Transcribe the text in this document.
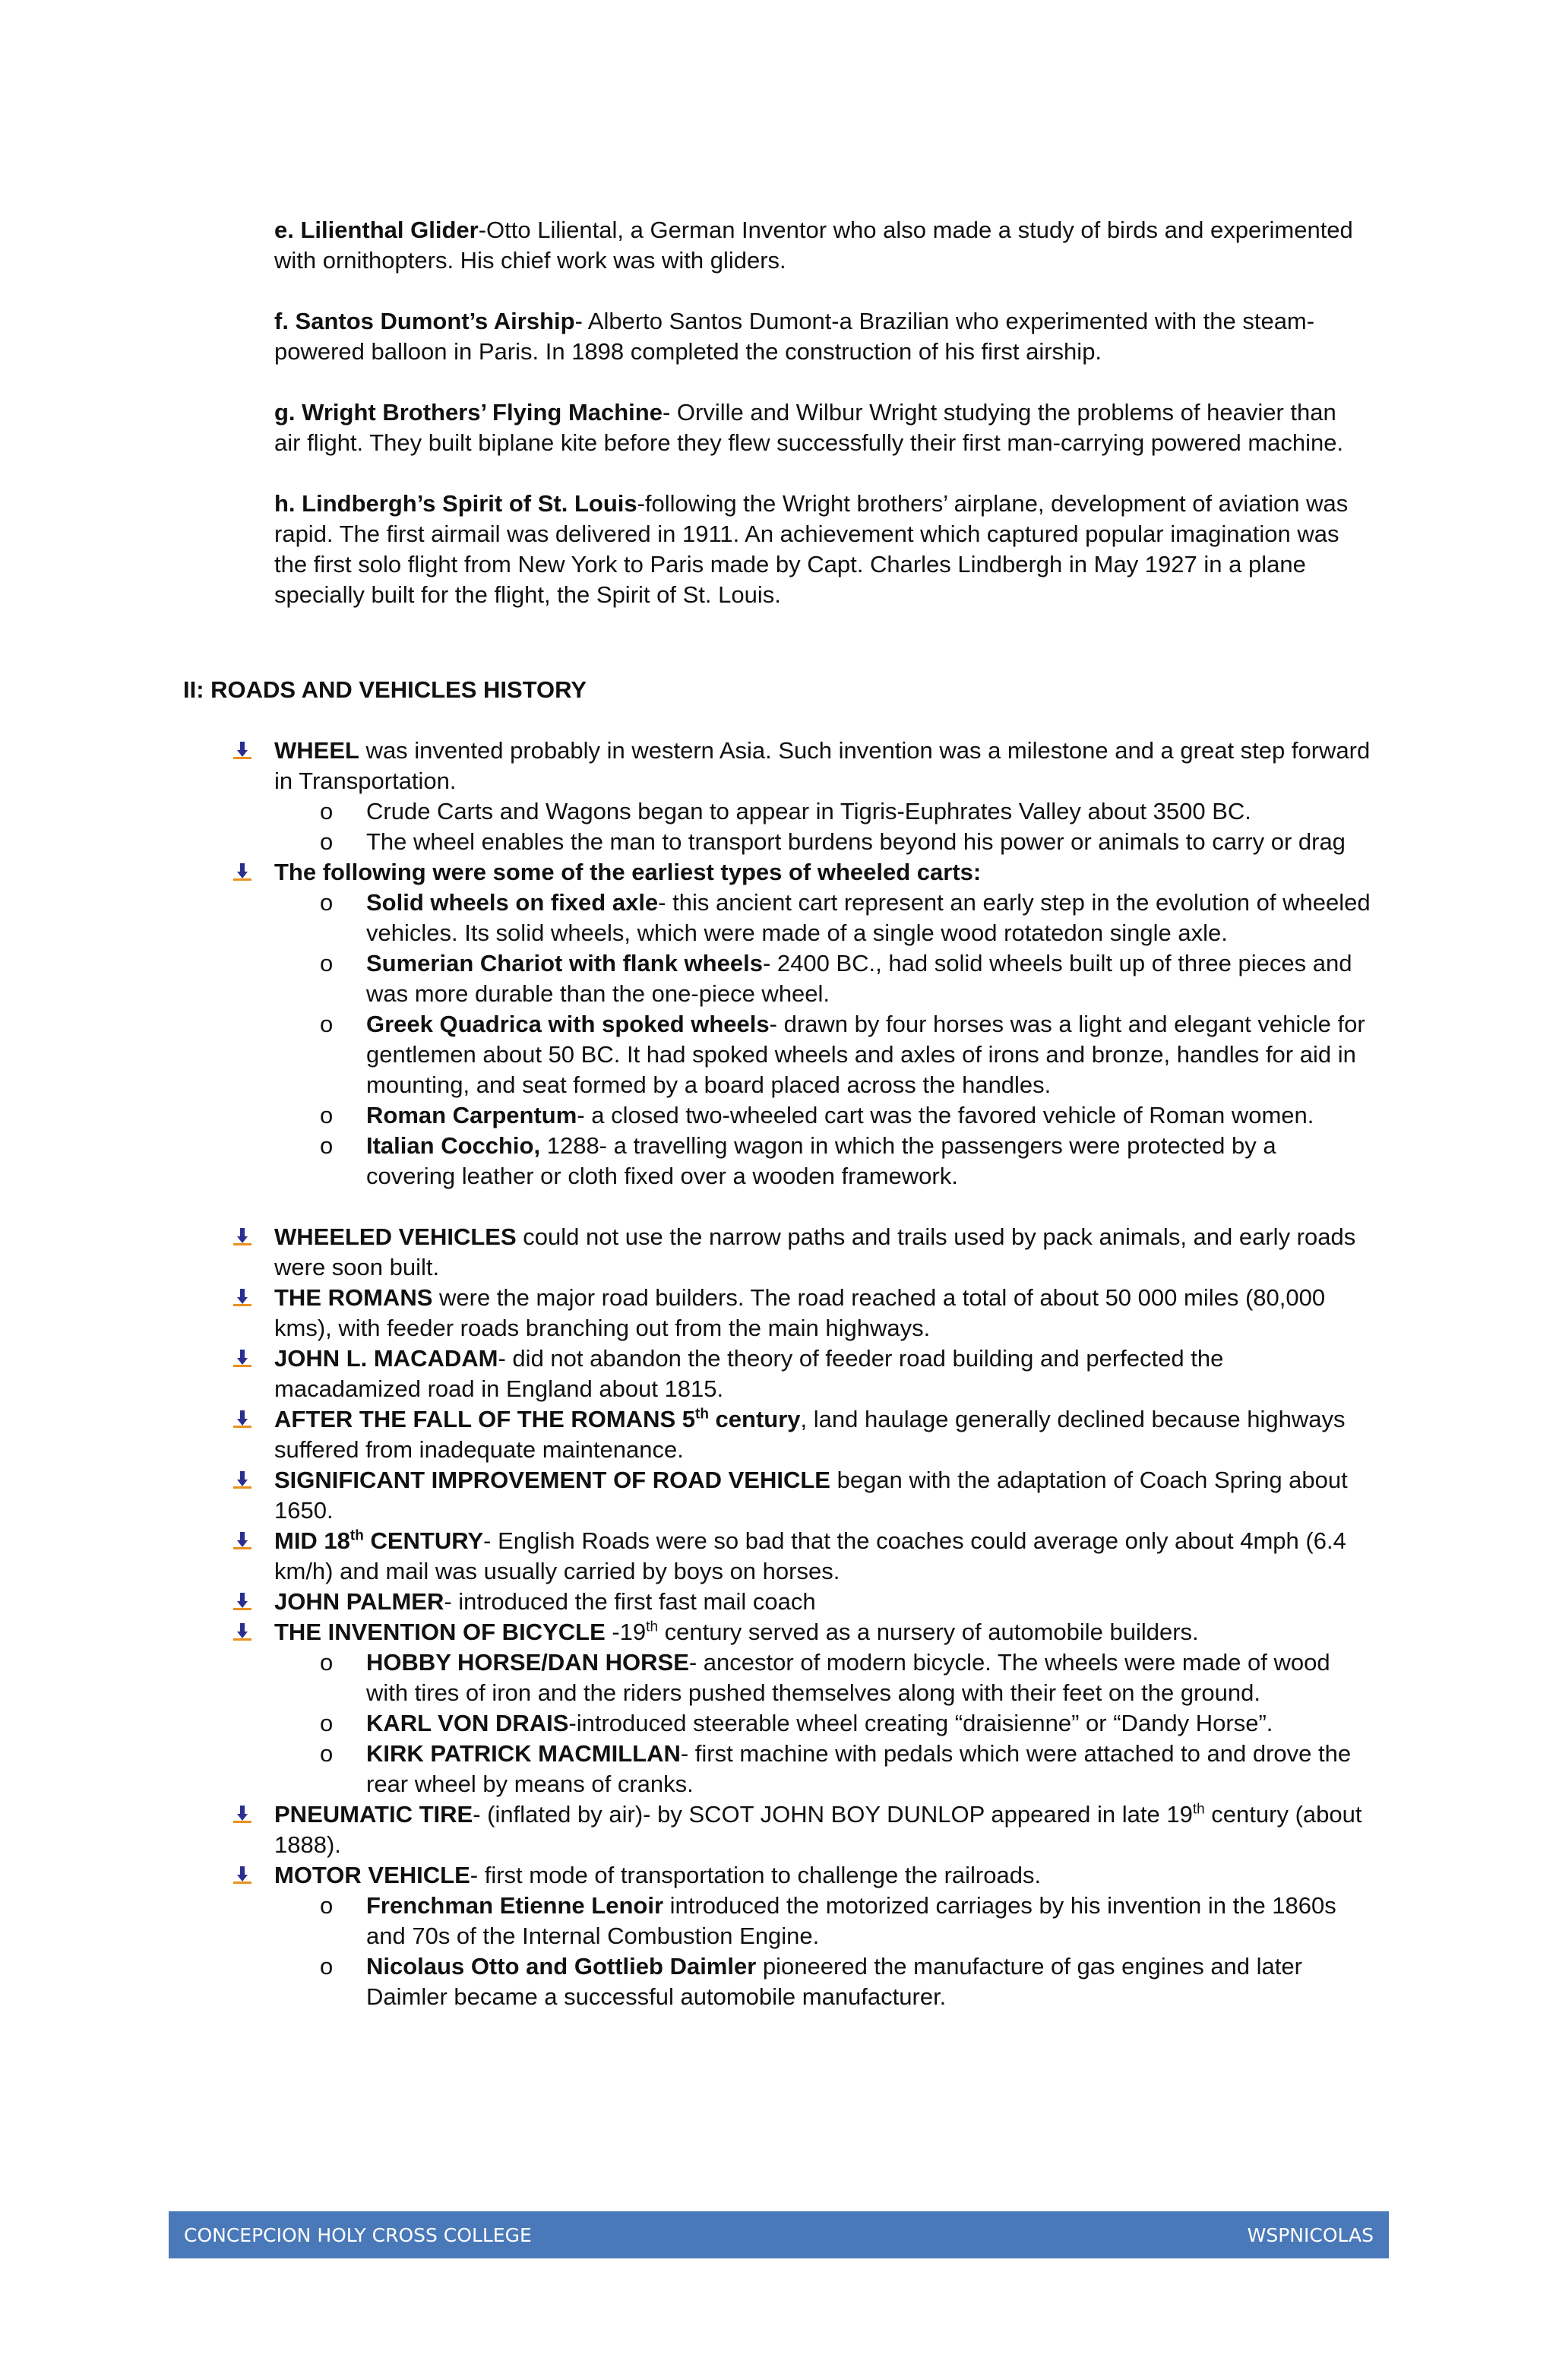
e. Lilienthal Glider-Otto Liliental, a German Inventor who also made a study of birds and experimented with ornithopters. His chief work was with gliders.

f. Santos Dumont’s Airship- Alberto Santos Dumont-a Brazilian who experimented with the steam-powered balloon in Paris. In 1898 completed the construction of his first airship.

g. Wright Brothers’ Flying Machine- Orville and Wilbur Wright studying the problems of heavier than air flight. They built biplane kite before they flew successfully their first man-carrying powered machine.

h. Lindbergh’s Spirit of St. Louis-following the Wright brothers’ airplane, development of aviation was rapid. The first airmail was delivered in 1911. An achievement which captured popular imagination was the first solo flight from New York to Paris made by Capt. Charles Lindbergh in May 1927 in a plane specially built for the flight, the Spirit of St. Louis.

II: ROADS AND VEHICLES HISTORY
WHEEL was invented probably in western Asia. Such invention was a milestone and a great step forward in Transportation.
o	Crude Carts and Wagons began to appear in Tigris-Euphrates Valley about 3500 BC.
o	The wheel enables the man to transport burdens beyond his power or animals to carry or drag
The following were some of the earliest types of wheeled carts:
o	Solid wheels on fixed axle- this ancient cart represent an early step in the evolution of wheeled vehicles. Its solid wheels, which were made of a single wood rotatedon single axle.
o	Sumerian Chariot with flank wheels- 2400 BC., had solid wheels built up of three pieces and was more durable than the one-piece wheel.
o	Greek Quadrica with spoked wheels- drawn by four horses was a light and elegant vehicle for gentlemen about 50 BC. It had spoked wheels and axles of irons and bronze, handles for aid in mounting, and seat formed by a board placed across the handles.
o	Roman Carpentum- a closed two-wheeled cart was the favored vehicle of Roman women.
o	Italian Cocchio, 1288- a travelling wagon in which the passengers were protected by a covering leather or cloth fixed over a wooden framework.
WHEELED VEHICLES could not use the narrow paths and trails used by pack animals, and early roads were soon built.
THE ROMANS were the major road builders. The road reached a total of about 50 000 miles (80,000 kms), with feeder roads branching out from the main highways.
JOHN L. MACADAM- did not abandon the theory of feeder road building and perfected the macadamized road in England about 1815.
AFTER THE FALL OF THE ROMANS 5th century, land haulage generally declined because highways suffered from inadequate maintenance.
SIGNIFICANT IMPROVEMENT OF ROAD VEHICLE began with the adaptation of Coach Spring about 1650.
MID 18th CENTURY- English Roads were so bad that the coaches could average only about 4mph (6.4 km/h) and mail was usually carried by boys on horses.
JOHN PALMER- introduced the first fast mail coach
THE INVENTION OF BICYCLE -19th century served as a nursery of automobile builders.
o	HOBBY HORSE/DAN HORSE- ancestor of modern bicycle. The wheels were made of wood with tires of iron and the riders pushed themselves along with their feet on the ground.
o	KARL VON DRAIS-introduced steerable wheel creating “draisienne” or “Dandy Horse”.
o	KIRK PATRICK MACMILLAN- first machine with pedals which were attached to and drove the rear wheel by means of cranks.
PNEUMATIC TIRE- (inflated by air)- by SCOT JOHN BOY DUNLOP appeared in late 19th century (about 1888).
MOTOR VEHICLE- first mode of transportation to challenge the railroads.
o	Frenchman Etienne Lenoir introduced the motorized carriages by his invention in the 1860s and 70s of the Internal Combustion Engine.
o	Nicolaus Otto and Gottlieb Daimler pioneered the manufacture of gas engines and later Daimler became a successful automobile manufacturer.
CONCEPCION HOLY CROSS COLLEGE	WSPNICOLAS
